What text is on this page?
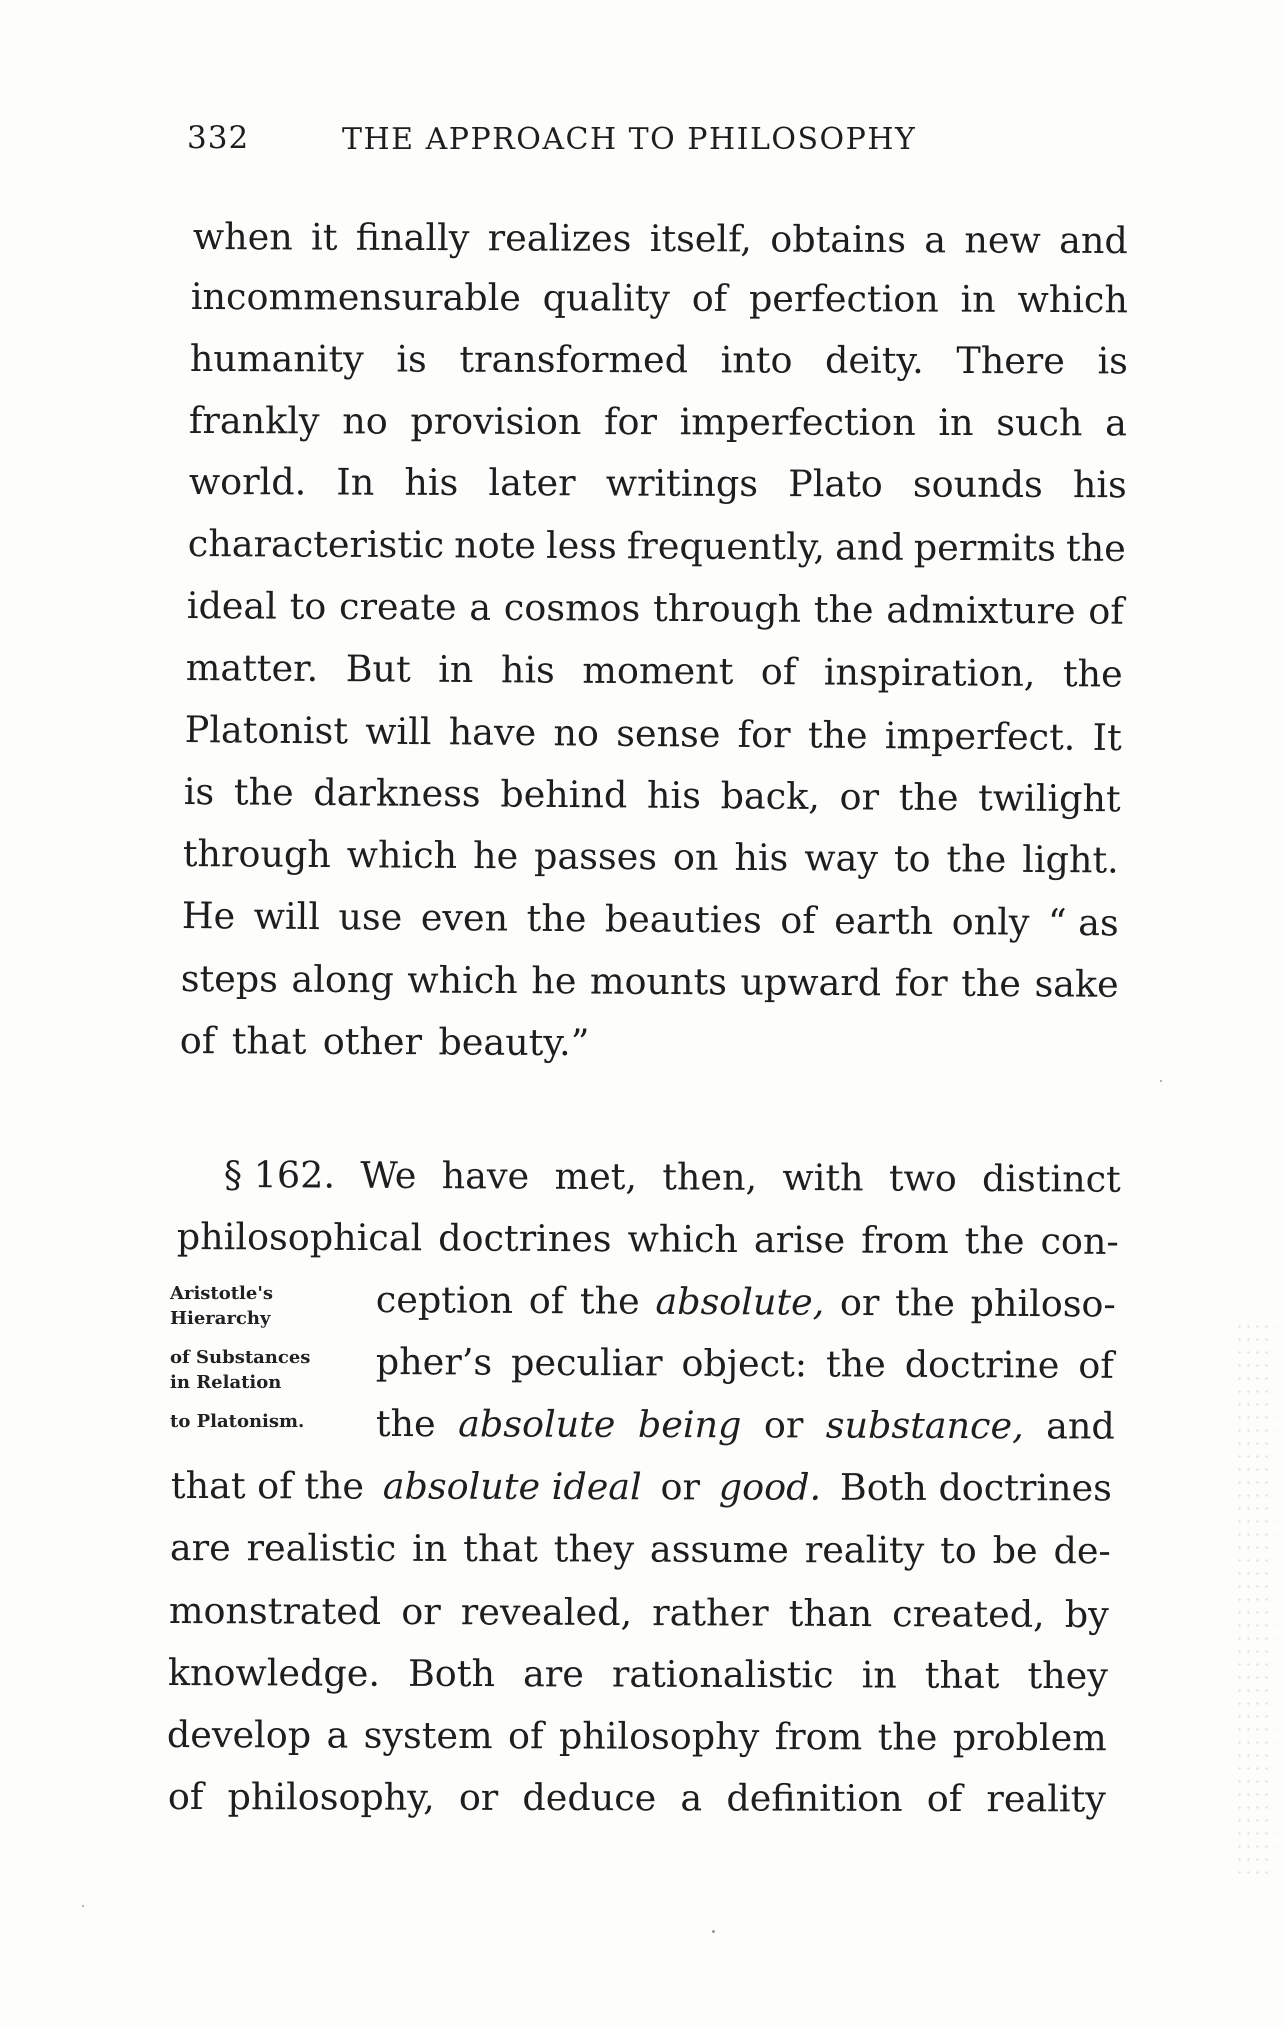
332	THE APPROACH TO PHILOSOPHY
when it finally realizes itself, obtains a new and
incommensurable quality of perfection in which
humanity is transformed into deity. There is
frankly no provision for imperfection in such a
world. In his later writings Plato sounds his
characteristic note less frequently, and permits the
ideal to create a cosmos through the admixture of
matter. But in his moment of inspiration, the
Platonist will have no sense for the imperfect. It
is the darkness behind his back, or the twilight
through which he passes on his way to the light.
He will use even the beauties of earth only “ as
steps along which he mounts upward for the sake
of that other beauty.”
§ 162. We have met, then, with two distinct
philosophical doctrines which arise from the con-
ception of the absolute, or the philoso-
pher’s peculiar object: the doctrine of
the absolute being or substance, and
that of the absolute ideal or good. Both doctrines
are realistic in that they assume reality to be de-
monstrated or revealed, rather than created, by
knowledge. Both are rationalistic in that they
develop a system of philosophy from the problem
of philosophy, or deduce a definition of reality
Aristotle's
Hierarchy
of Substances
in Relation
to Platonism.
